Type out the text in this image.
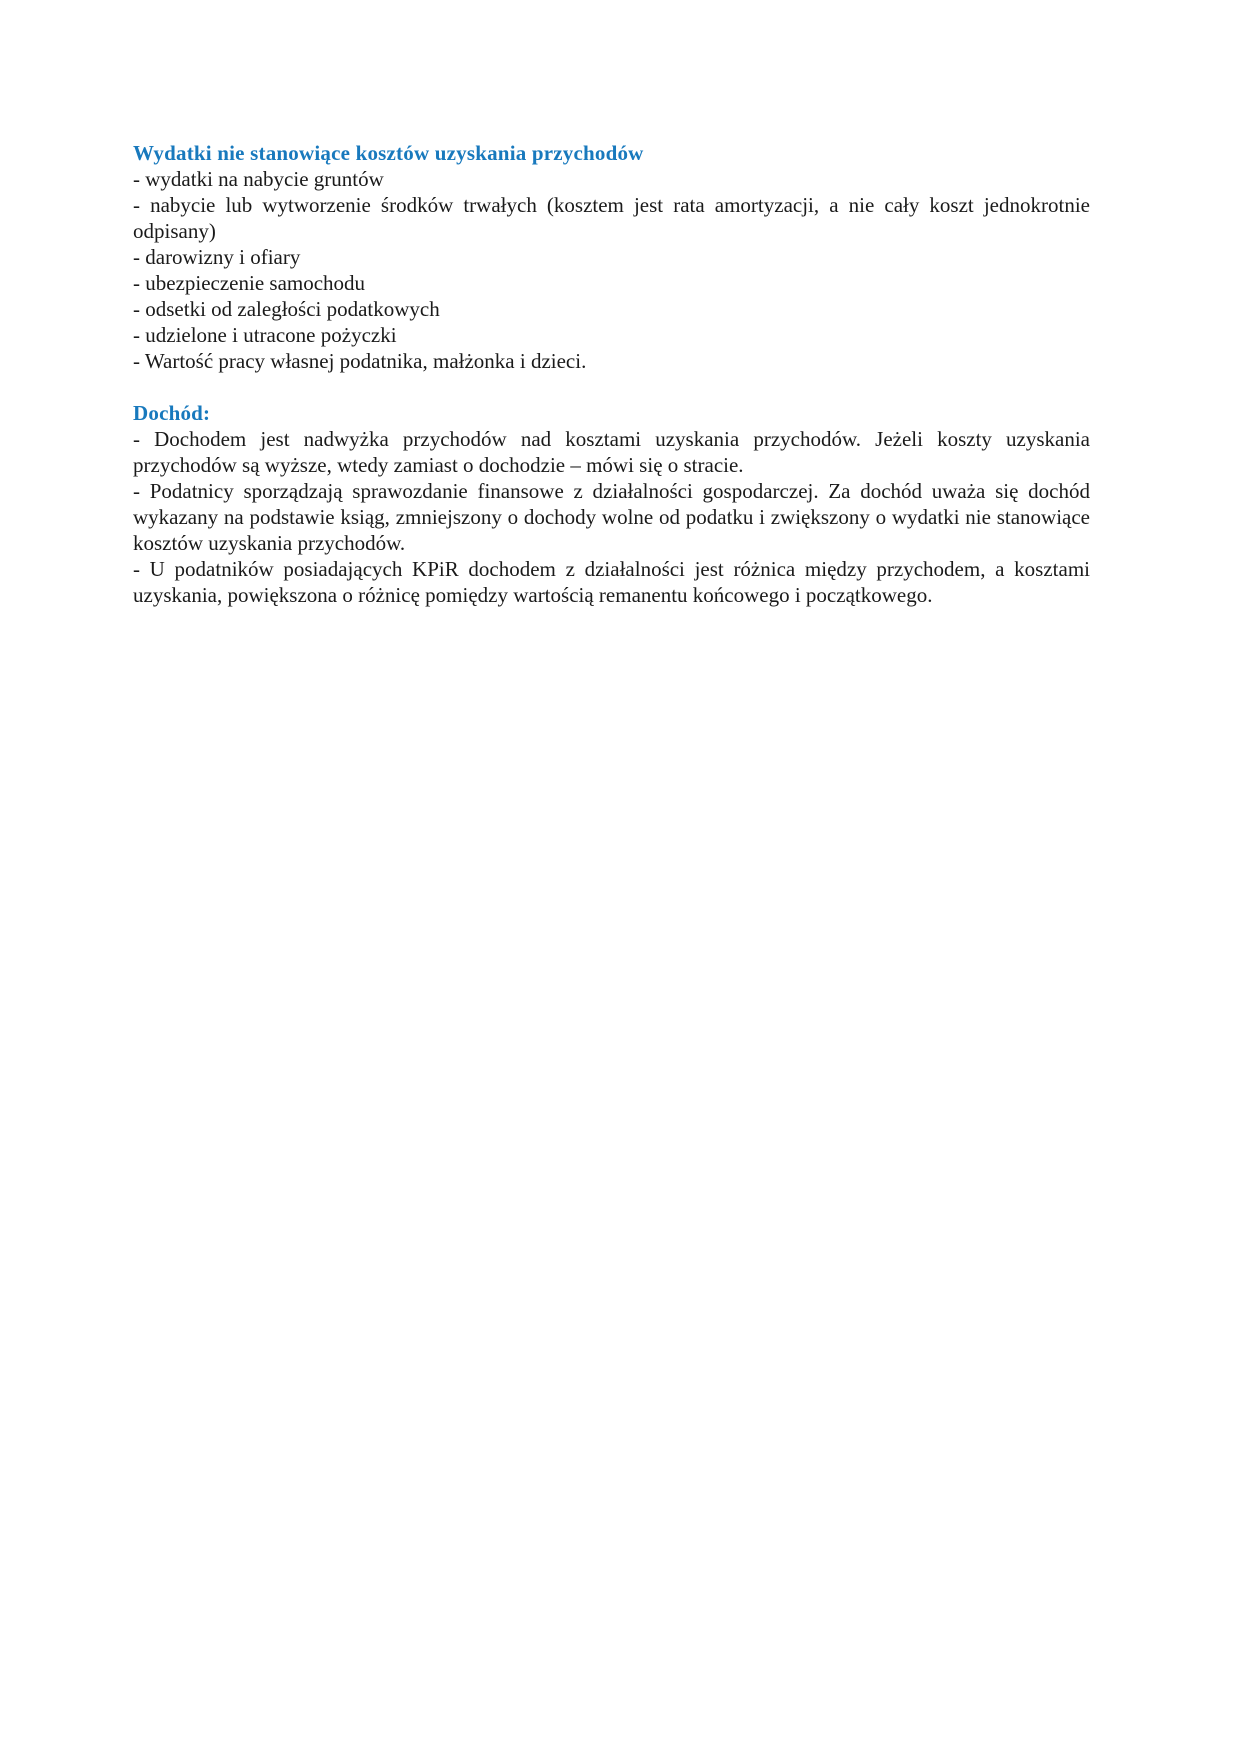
Wydatki nie stanowiące kosztów uzyskania przychodów
- wydatki na nabycie gruntów
- nabycie lub wytworzenie środków trwałych (kosztem jest rata amortyzacji, a nie cały koszt jednokrotnie odpisany)
- darowizny i ofiary
- ubezpieczenie samochodu
- odsetki od zaległości podatkowych
- udzielone i utracone pożyczki
- Wartość pracy własnej podatnika, małżonka i dzieci.
Dochód:
- Dochodem jest nadwyżka przychodów nad kosztami uzyskania przychodów. Jeżeli koszty uzyskania przychodów są wyższe, wtedy zamiast o dochodzie – mówi się o stracie.
- Podatnicy sporządzają sprawozdanie finansowe z działalności gospodarczej. Za dochód uważa się dochód wykazany na podstawie ksiąg, zmniejszony o dochody wolne od podatku i zwiększony o wydatki nie stanowiące kosztów uzyskania przychodów.
- U podatników posiadających KPiR dochodem z działalności jest różnica między przychodem, a kosztami uzyskania, powiększona o różnicę pomiędzy wartością remanentu końcowego i początkowego.
